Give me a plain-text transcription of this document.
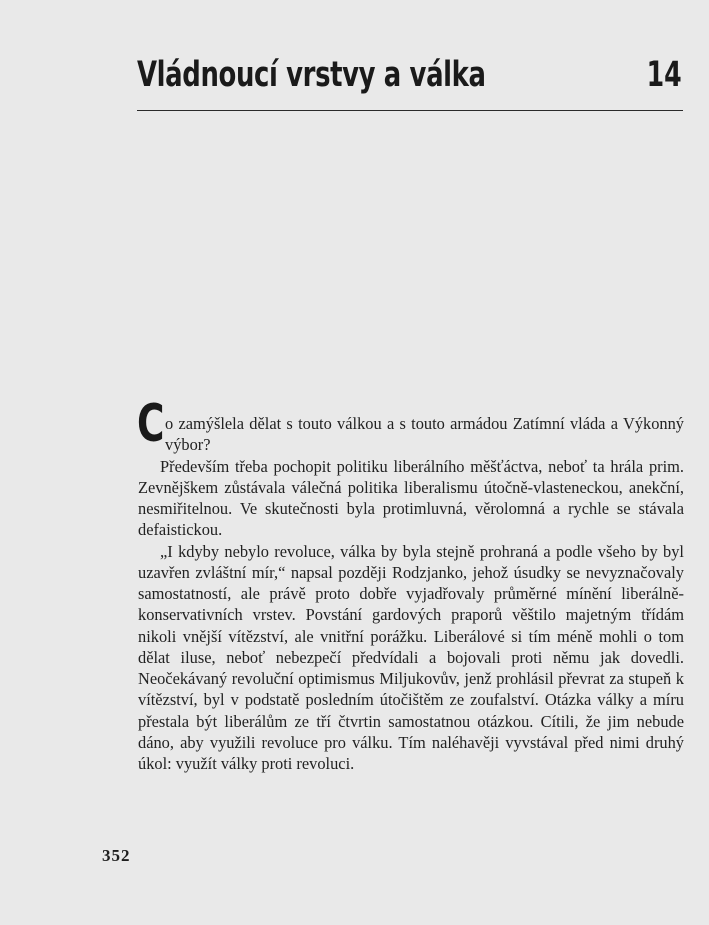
Vládnoucí vrstvy a válka	14

Co zamýšlela dělat s touto válkou a s touto armádou Zatímní vláda a Výkonný výbor?

Především třeba pochopit politiku liberálního měšťáctva, neboť ta hrála prim. Zevnějškem zůstávala válečná politika liberalismu útočně-vlasteneckou, anekční, nesmiřitelnou. Ve skutečnosti byla protimluvná, věrolomná a rychle se stávala defaistickou.

„I kdyby nebylo revoluce, válka by byla stejně prohraná a podle všeho by byl uzavřen zvláštní mír,“ napsal později Rodzjanko, jehož úsudky se nevyznačovaly samostatností, ale právě proto dobře vyjadřovaly průměrné mínění liberálně-konservativních vrstev. Povstání gardových praporů věštilo majetným třídám nikoli vnější vítězství, ale vnitřní porážku. Liberálové si tím méně mohli o tom dělat iluse, neboť nebezpečí předvídali a bojovali proti němu jak dovedli. Neočekávaný revoluční optimismus Miljukovův, jenž prohlásil převrat za stupeň k vítězství, byl v podstatě posledním útočištěm ze zoufalství. Otázka války a míru přestala být liberálům ze tří čtvrtin samostatnou otázkou. Cítili, že jim nebude dáno, aby využili revoluce pro válku. Tím naléhavěji vyvstával před nimi druhý úkol: využít války proti revoluci.

352
